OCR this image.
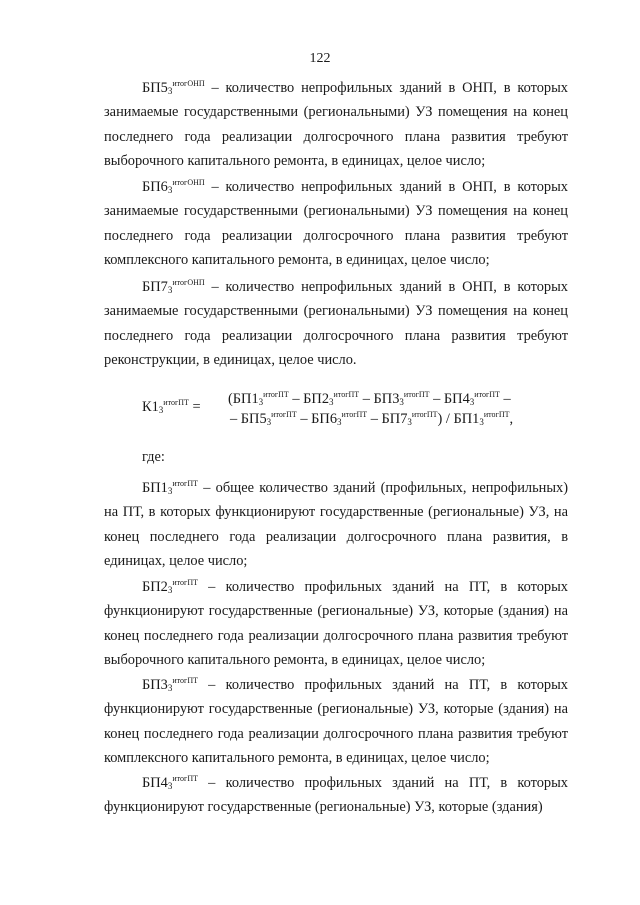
122

$БП5_3^{итогОНП}$ – количество непрофильных зданий в ОНП, в которых занимаемые государственными (региональными) УЗ помещения на конец последнего года реализации долгосрочного плана развития требуют выборочного капитального ремонта, в единицах, целое число;

$БП6_3^{итогОНП}$ – количество непрофильных зданий в ОНП, в которых занимаемые государственными (региональными) УЗ помещения на конец последнего года реализации долгосрочного плана развития требуют комплексного капитального ремонта, в единицах, целое число;

$БП7_3^{итогОНП}$ – количество непрофильных зданий в ОНП, в которых занимаемые государственными (региональными) УЗ помещения на конец последнего года реализации долгосрочного плана развития требуют реконструкции, в единицах, целое число.

$К1_3^{итогПТ} = (БП1_3^{итогПТ} - БП2_3^{итогПТ} - БП3_3^{итогПТ} - БП4_3^{итогПТ}$ –
– $БП5_3^{итогПТ} - БП6_3^{итогПТ} - БП7_3^{итогПТ}) / БП1_3^{итогПТ}$,
где:

$БП1_3^{итогПТ}$ – общее количество зданий (профильных, непрофильных) на ПТ, в которых функционируют государственные (региональные) УЗ, на конец последнего года реализации долгосрочного плана развития, в единицах, целое число;

$БП2_3^{итогПТ}$ – количество профильных зданий на ПТ, в которых функционируют государственные (региональные) УЗ, которые (здания) на конец последнего года реализации долгосрочного плана развития требуют выборочного капитального ремонта, в единицах, целое число;

$БП3_3^{итогПТ}$ – количество профильных зданий на ПТ, в которых функционируют государственные (региональные) УЗ, которые (здания) на конец последнего года реализации долгосрочного плана развития требуют комплексного капитального ремонта, в единицах, целое число;

$БП4_3^{итогПТ}$ – количество профильных зданий на ПТ, в которых функционируют государственные (региональные) УЗ, которые (здания)
